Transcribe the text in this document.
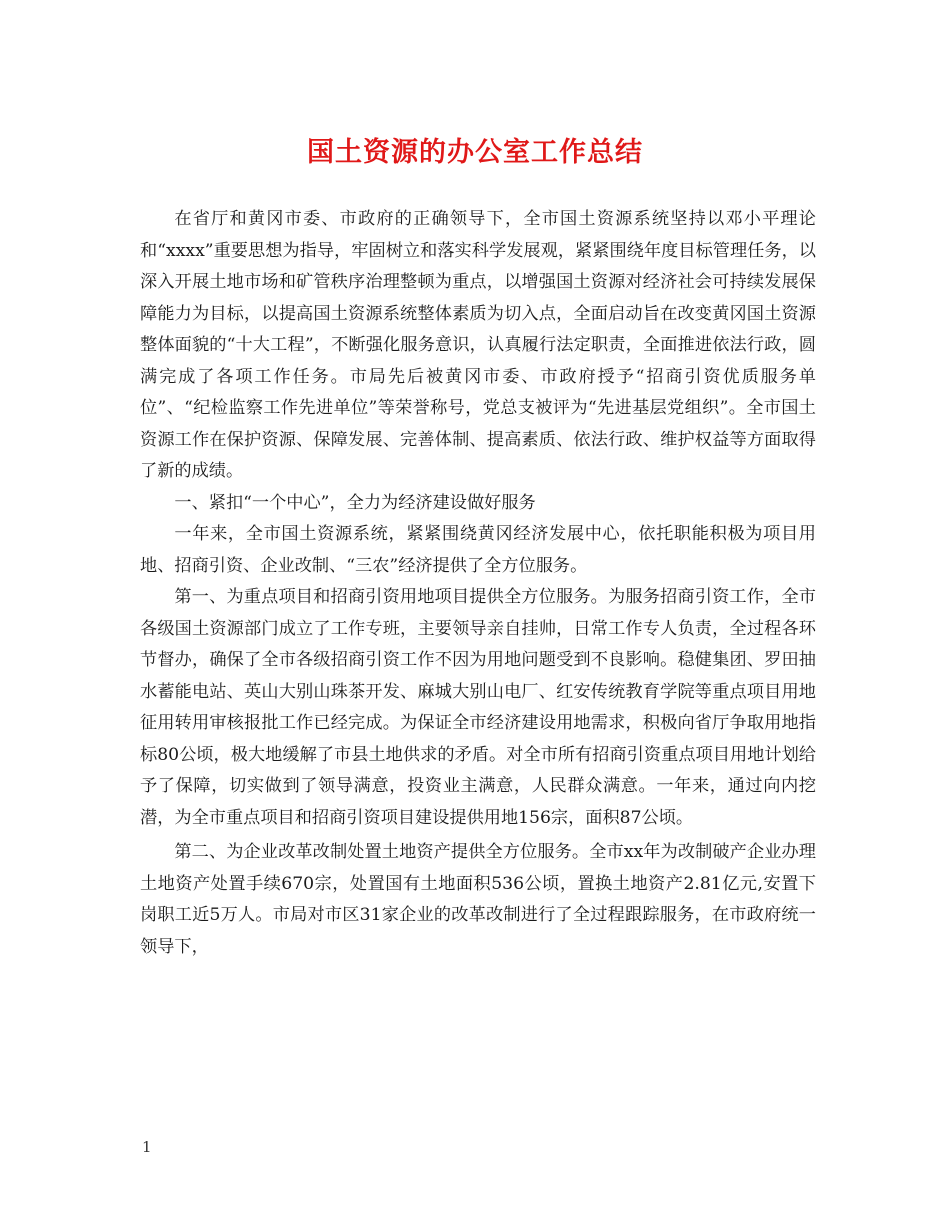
国土资源的办公室工作总结

在省厅和黄冈市委、市政府的正确领导下，全市国土资源系统坚持以邓小平理论和“xxxx”重要思想为指导，牢固树立和落实科学发展观，紧紧围绕年度目标管理任务，以深入开展土地市场和矿管秩序治理整顿为重点，以增强国土资源对经济社会可持续发展保障能力为目标，以提高国土资源系统整体素质为切入点，全面启动旨在改变黄冈国土资源整体面貌的“十大工程”，不断强化服务意识，认真履行法定职责，全面推进依法行政，圆满完成了各项工作任务。市局先后被黄冈市委、市政府授予“招商引资优质服务单位”、“纪检监察工作先进单位”等荣誉称号，党总支被评为“先进基层党组织”。全市国土资源工作在保护资源、保障发展、完善体制、提高素质、依法行政、维护权益等方面取得了新的成绩。

一、紧扣“一个中心”，全力为经济建设做好服务

一年来，全市国土资源系统，紧紧围绕黄冈经济发展中心，依托职能积极为项目用地、招商引资、企业改制、“三农”经济提供了全方位服务。

第一、为重点项目和招商引资用地项目提供全方位服务。为服务招商引资工作，全市各级国土资源部门成立了工作专班，主要领导亲自挂帅，日常工作专人负责，全过程各环节督办，确保了全市各级招商引资工作不因为用地问题受到不良影响。稳健集团、罗田抽水蓄能电站、英山大别山珠茶开发、麻城大别山电厂、红安传统教育学院等重点项目用地征用转用审核报批工作已经完成。为保证全市经济建设用地需求，积极向省厅争取用地指标80公顷，极大地缓解了市县土地供求的矛盾。对全市所有招商引资重点项目用地计划给予了保障，切实做到了领导满意，投资业主满意，人民群众满意。一年来，通过向内挖潜，为全市重点项目和招商引资项目建设提供用地156宗，面积87公顷。

第二、为企业改革改制处置土地资产提供全方位服务。全市xx年为改制破产企业办理土地资产处置手续670宗，处置国有土地面积536公顷，置换土地资产2.81亿元,安置下岗职工近5万人。市局对市区31家企业的改革改制进行了全过程跟踪服务，在市政府统一领导下，

1
